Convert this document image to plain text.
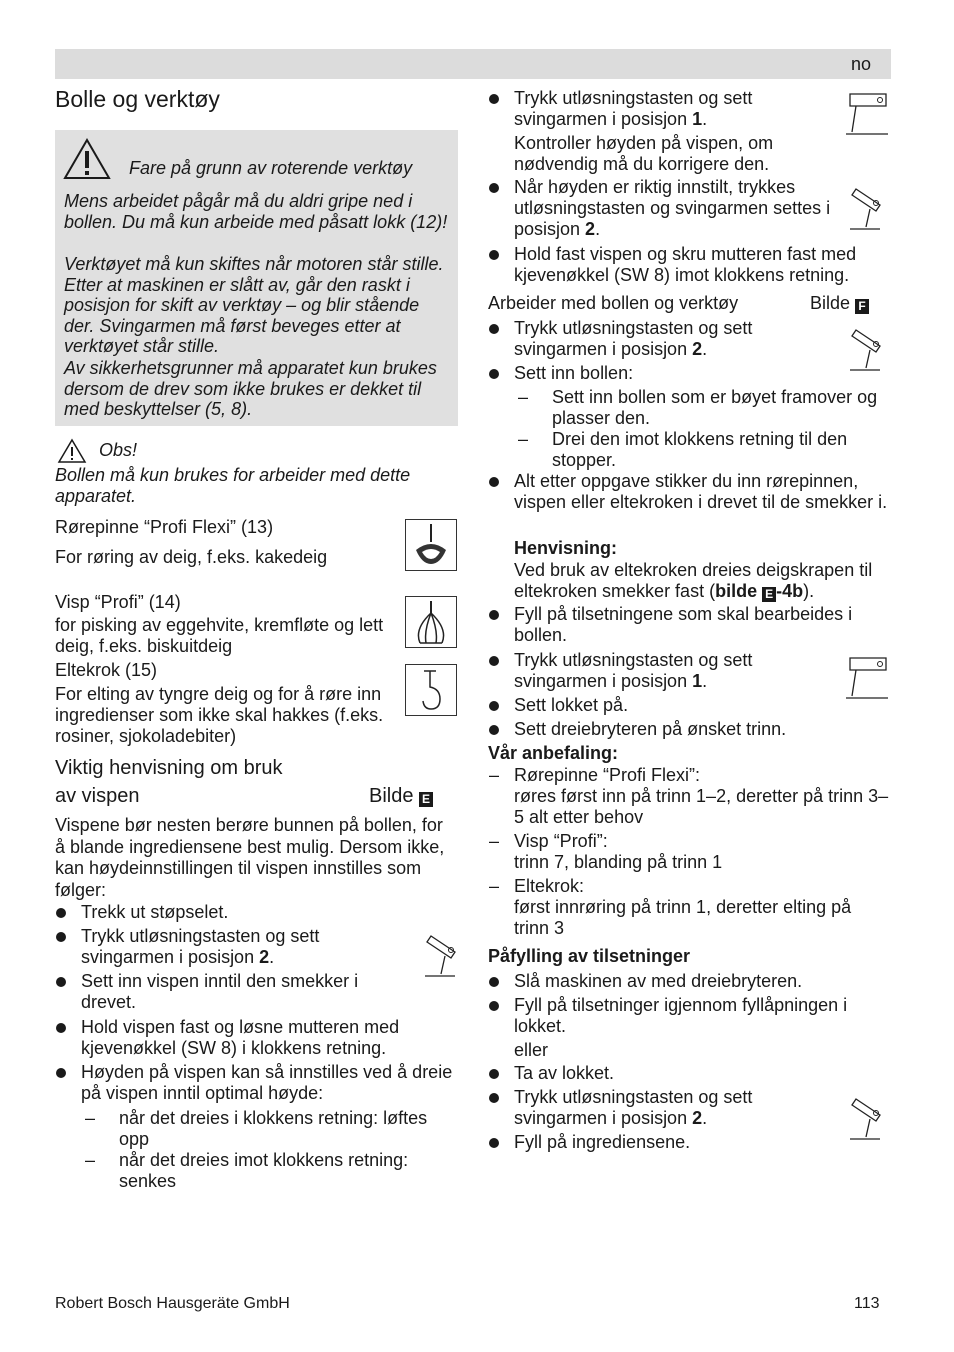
no
Bolle og verktøy
Fare på grunn av roterende verktøy

Mens arbeidet pågår må du aldri gripe ned i bollen. Du må kun arbeide med påsatt lokk (12)!

Verktøyet må kun skiftes når motoren står stille. Etter at maskinen er slått av, går den raskt i posisjon for skift av verktøy – og blir stående der. Svingarmen må først beveges etter at verktøyet står stille.

Av sikkerhetsgrunner må apparatet kun brukes dersom de drev som ikke brukes er dekket til med beskyttelser (5, 8).

Obs!

Bollen må kun brukes for arbeider med dette apparatet.

Rørepinne “Profi Flexi” (13)
For røring av deig, f.eks. kakedeig
Visp “Profi” (14)
for pisking av eggehvite, kremfløte og lett deig, f.eks. biskuitdeig
Eltekrok (15)
For elting av tyngre deig og for å røre inn ingredienser som ikke skal hakkes (f.eks. rosiner, sjokoladebiter)
Viktig henvisning om bruk
av vispen	Bilde E

Vispene bør nesten berøre bunnen på bollen, for å blande ingrediensene best mulig. Dersom ikke, kan høydeinnstillingen til vispen innstilles som følger:

Trekk ut støpselet.
Trykk utløsningstasten og sett svingarmen i posisjon 2.
Sett inn vispen inntil den smekker i drevet.
Hold vispen fast og løsne mutteren med kjevenøkkel (SW 8) i klokkens retning.
Høyden på vispen kan så innstilles ved å dreie på vispen inntil optimal høyde:
– når det dreies i klokkens retning: løftes opp
– når det dreies imot klokkens retning: senkes
Trykk utløsningstasten og sett svingarmen i posisjon 1.

Kontroller høyden på vispen, om nødvendig må du korrigere den.

Når høyden er riktig innstilt, trykkes utløsningstasten og svingarmen settes i posisjon 2.
Hold fast vispen og skru mutteren fast med kjevenøkkel (SW 8) imot klokkens retning.
Arbeider med bollen og verktøy	Bilde F
Trykk utløsningstasten og sett svingarmen i posisjon 2.
Sett inn bollen:
– Sett inn bollen som er bøyet framover og plasser den.
– Drei den imot klokkens retning til den stopper.
Alt etter oppgave stikker du inn rørepinnen, vispen eller eltekroken i drevet til de smekker i.
Henvisning:

Ved bruk av eltekroken dreies deigskrapen til eltekroken smekker fast (bilde E -4b).

Fyll på tilsetningene som skal bearbeides i bollen.
Trykk utløsningstasten og sett svingarmen i posisjon 1.
Sett lokket på.
Sett dreiebryteren på ønsket trinn.
Vår anbefaling:
– Rørepinne “Profi Flexi”:
røres først inn på trinn 1–2, deretter på trinn 3–5 alt etter behov
– Visp “Profi”:
trinn 7, blanding på trinn 1
– Eltekrok:
først innrøring på trinn 1, deretter elting på trinn 3
Påfylling av tilsetninger
Slå maskinen av med dreiebryteren.
Fyll på tilsetninger igjennom fyllåpningen i lokket.
eller
Ta av lokket.
Trykk utløsningstasten og sett svingarmen i posisjon 2.
Fyll på ingrediensene.
Robert Bosch Hausgeräte GmbH	113
